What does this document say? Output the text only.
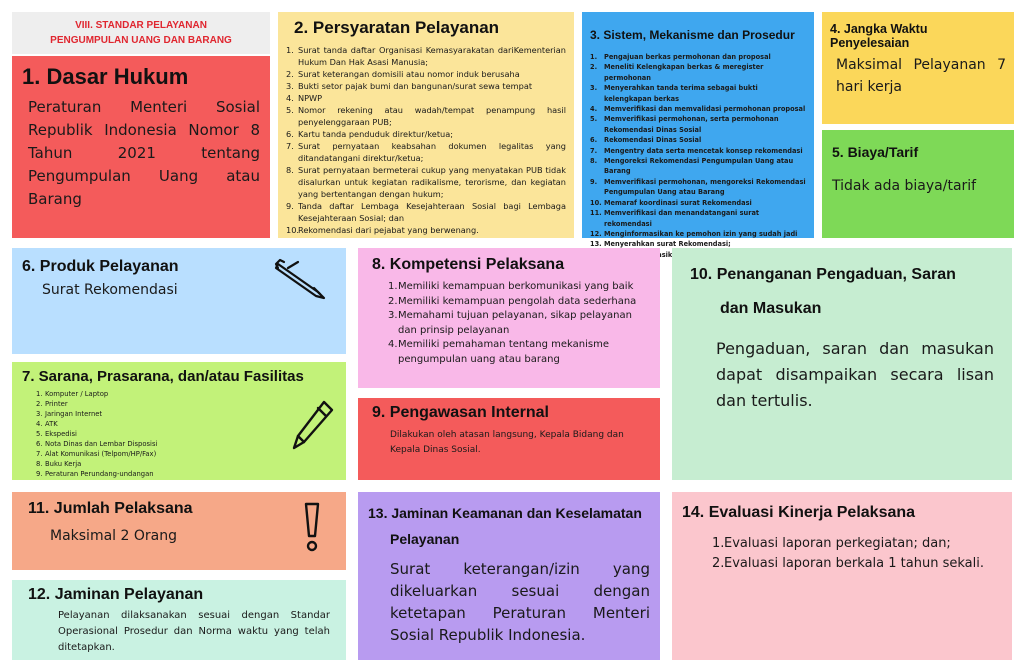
VIII. STANDAR PELAYANAN
PENGUMPULAN UANG DAN BARANG
1. Dasar Hukum
Peraturan Menteri Sosial Republik Indonesia Nomor 8 Tahun 2021 tentang Pengumpulan Uang atau Barang
2. Persyaratan Pelayanan
1. Surat tanda daftar Organisasi Kemasyarakatan dariKementerian Hukum Dan Hak Asasi Manusia;
2. Surat keterangan domisili atau nomor induk berusaha
3. Bukti setor pajak bumi dan bangunan/surat sewa tempat
4. NPWP
5. Nomor rekening atau wadah/tempat penampung hasil penyelenggaraan PUB;
6. Kartu tanda penduduk direktur/ketua;
7. Surat pernyataan keabsahan dokumen legalitas yang ditandatangani direktur/ketua;
8. Surat pernyataan bermeterai cukup yang menyatakan PUB tidak disalurkan untuk kegiatan radikalisme, terorisme, dan kegiatan yang bertentangan dengan hukum;
9. Tanda daftar Lembaga Kesejahteraan Sosial bagi Lembaga Kesejahteraan Sosial; dan
10.
Rekomendasi dari pejabat yang berwenang.
3. Sistem, Mekanisme dan Prosedur
1. Pengajuan berkas permohonan dan proposal
2. Meneliti Kelengkapan berkas & meregister permohonan
3. Menyerahkan tanda terima sebagai bukti kelengkapan berkas
4. Memverifikasi dan memvalidasi permohonan proposal
5. Memverifikasi permohonan, serta permohonan Rekomendasi Dinas Sosial
6. Rekomendasi Dinas Sosial
7. Mengentry data serta mencetak konsep rekomendasi
8. Mengoreksi Rekomendasi Pengumpulan Uang atau Barang
9. Memverifikasi permohonan, mengoreksi Rekomendasi Pengumpulan Uang atau Barang
10. Memaraf koordinasi surat Rekomendasi
11. Memverifikasi dan menandatangani surat rekomendasi
12. Menginformasikan ke pemohon izin yang sudah jadi
13. Menyerahkan surat Rekomendasi;
4. Jangka Waktu Penyelesaian
Maksimal Pelayanan 7 hari kerja
5. Biaya/Tarif
Tidak ada biaya/tarif
6. Produk Pelayanan
Surat Rekomendasi
7. Sarana, Prasarana, dan/atau Fasilitas
1. Komputer / Laptop
2. Printer
3. Jaringan Internet
4. ATK
5. Ekspedisi
6. Nota Dinas dan Lembar Disposisi
7. Alat Komunikasi (Telpom/HP/Fax)
8. Buku Kerja
9. Peraturan Perundang-undangan
8. Kompetensi Pelaksana
1. Memiliki kemampuan berkomunikasi yang baik
2. Memiliki kemampuan pengolah data sederhana
3. Memahami tujuan pelayanan, sikap pelayanan dan prinsip pelayanan
4. Memiliki pemahaman tentang mekanisme pengumpulan uang atau barang
9. Pengawasan Internal
Dilakukan oleh atasan langsung, Kepala Bidang dan Kepala Dinas Sosial.
10. Penanganan Pengaduan, Saran
dan Masukan
Pengaduan, saran dan masukan dapat disampaikan secara lisan dan tertulis.
11. Jumlah Pelaksana
Maksimal 2 Orang
12. Jaminan Pelayanan
Pelayanan dilaksanakan sesuai dengan Standar Operasional Prosedur dan Norma waktu yang telah ditetapkan.
13. Jaminan Keamanan dan Keselamatan
Pelayanan
Surat keterangan/izin yang dikeluarkan sesuai dengan ketetapan Peraturan Menteri Sosial Republik Indonesia.
14. Evaluasi Kinerja Pelaksana
1. Evaluasi laporan perkegiatan; dan;
2. Evaluasi laporan berkala 1 tahun sekali.
